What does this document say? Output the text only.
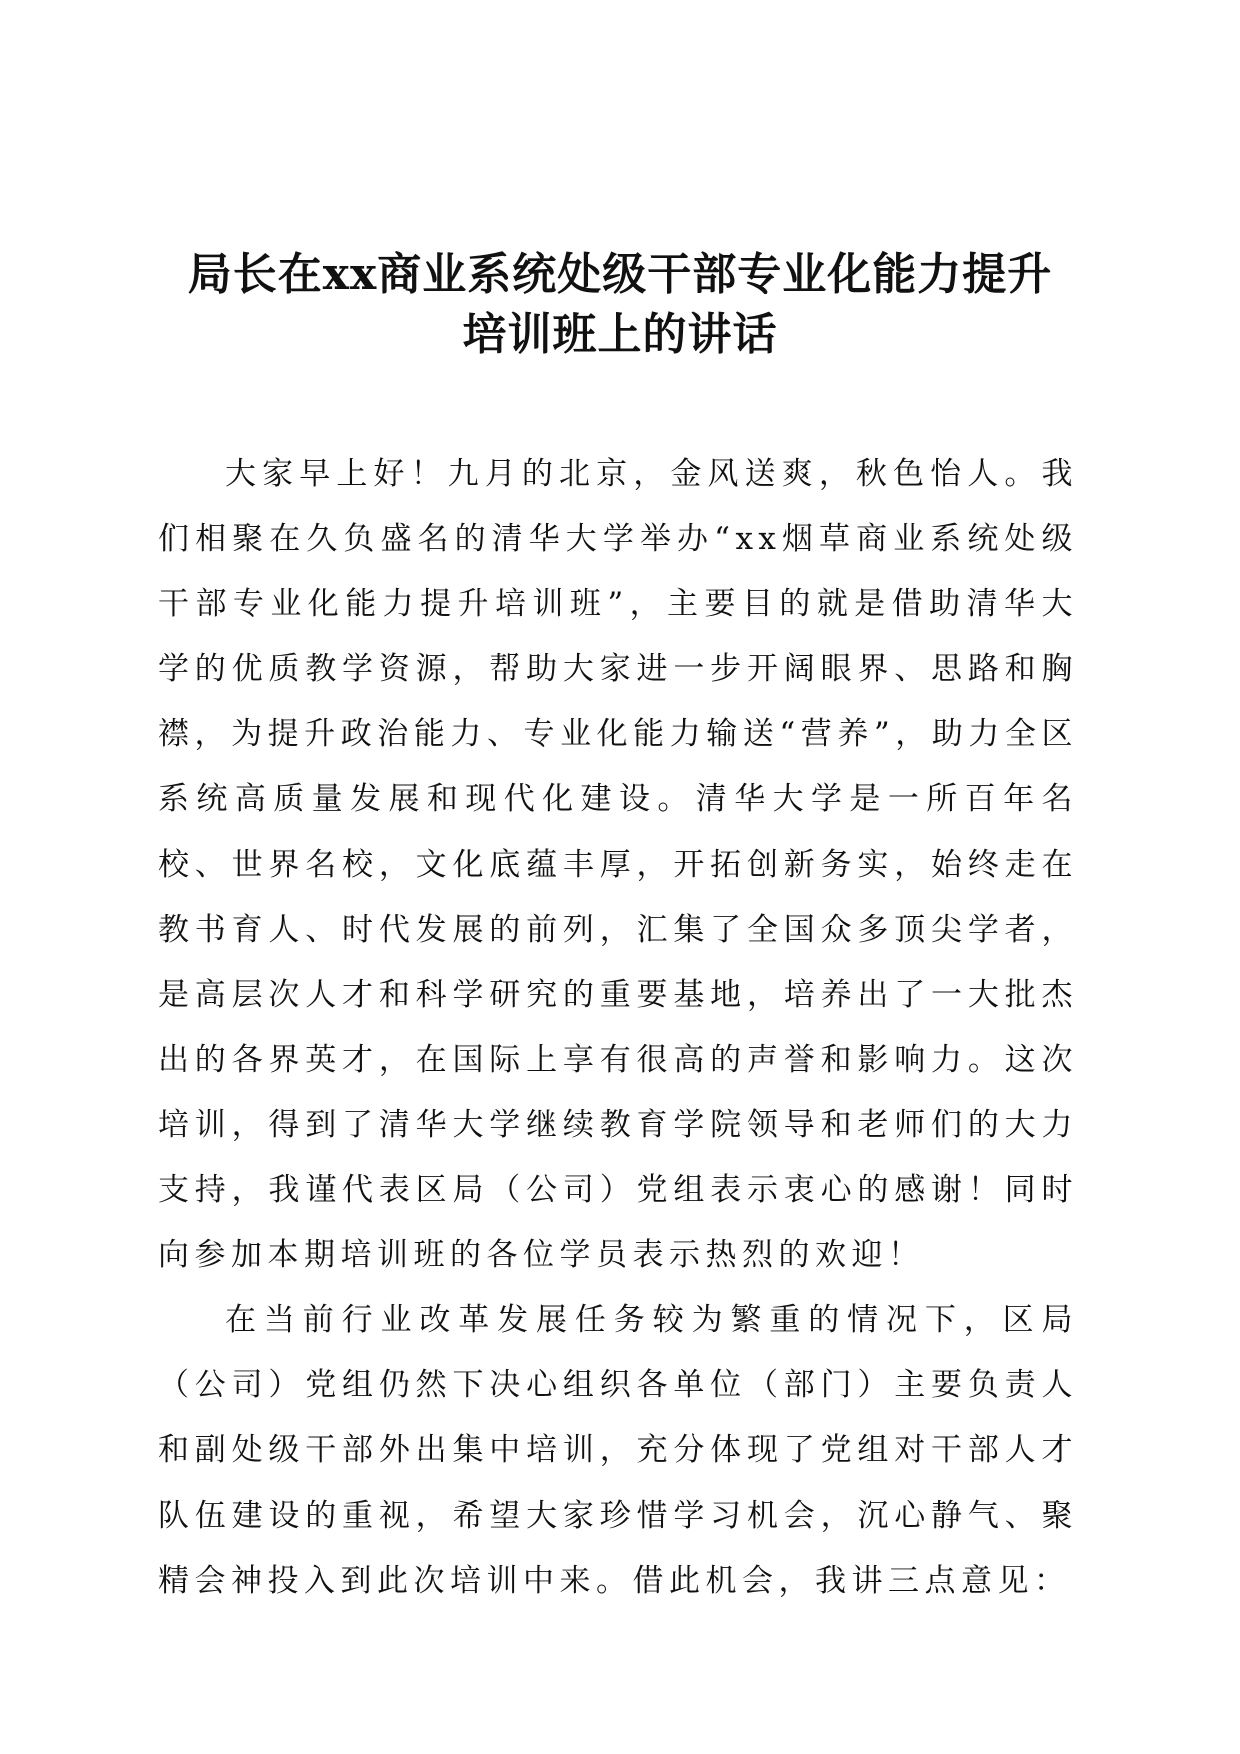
局长在xx商业系统处级干部专业化能力提升
培训班上的讲话

大家早上好！九月的北京，金风送爽，秋色怡人。我们相聚在久负盛名的清华大学举办“xx烟草商业系统处级干部专业化能力提升培训班”，主要目的就是借助清华大学的优质教学资源，帮助大家进一步开阔眼界、思路和胸襟，为提升政治能力、专业化能力输送“营养”，助力全区系统高质量发展和现代化建设。清华大学是一所百年名校、世界名校，文化底蕴丰厚，开拓创新务实，始终走在教书育人、时代发展的前列，汇集了全国众多顶尖学者，是高层次人才和科学研究的重要基地，培养出了一大批杰出的各界英才，在国际上享有很高的声誉和影响力。这次培训，得到了清华大学继续教育学院领导和老师们的大力支持，我谨代表区局（公司）党组表示衷心的感谢！同时向参加本期培训班的各位学员表示热烈的欢迎！

在当前行业改革发展任务较为繁重的情况下，区局（公司）党组仍然下决心组织各单位（部门）主要负责人和副处级干部外出集中培训，充分体现了党组对干部人才队伍建设的重视，希望大家珍惜学习机会，沉心静气、聚精会神投入到此次培训中来。借此机会，我讲三点意见：
